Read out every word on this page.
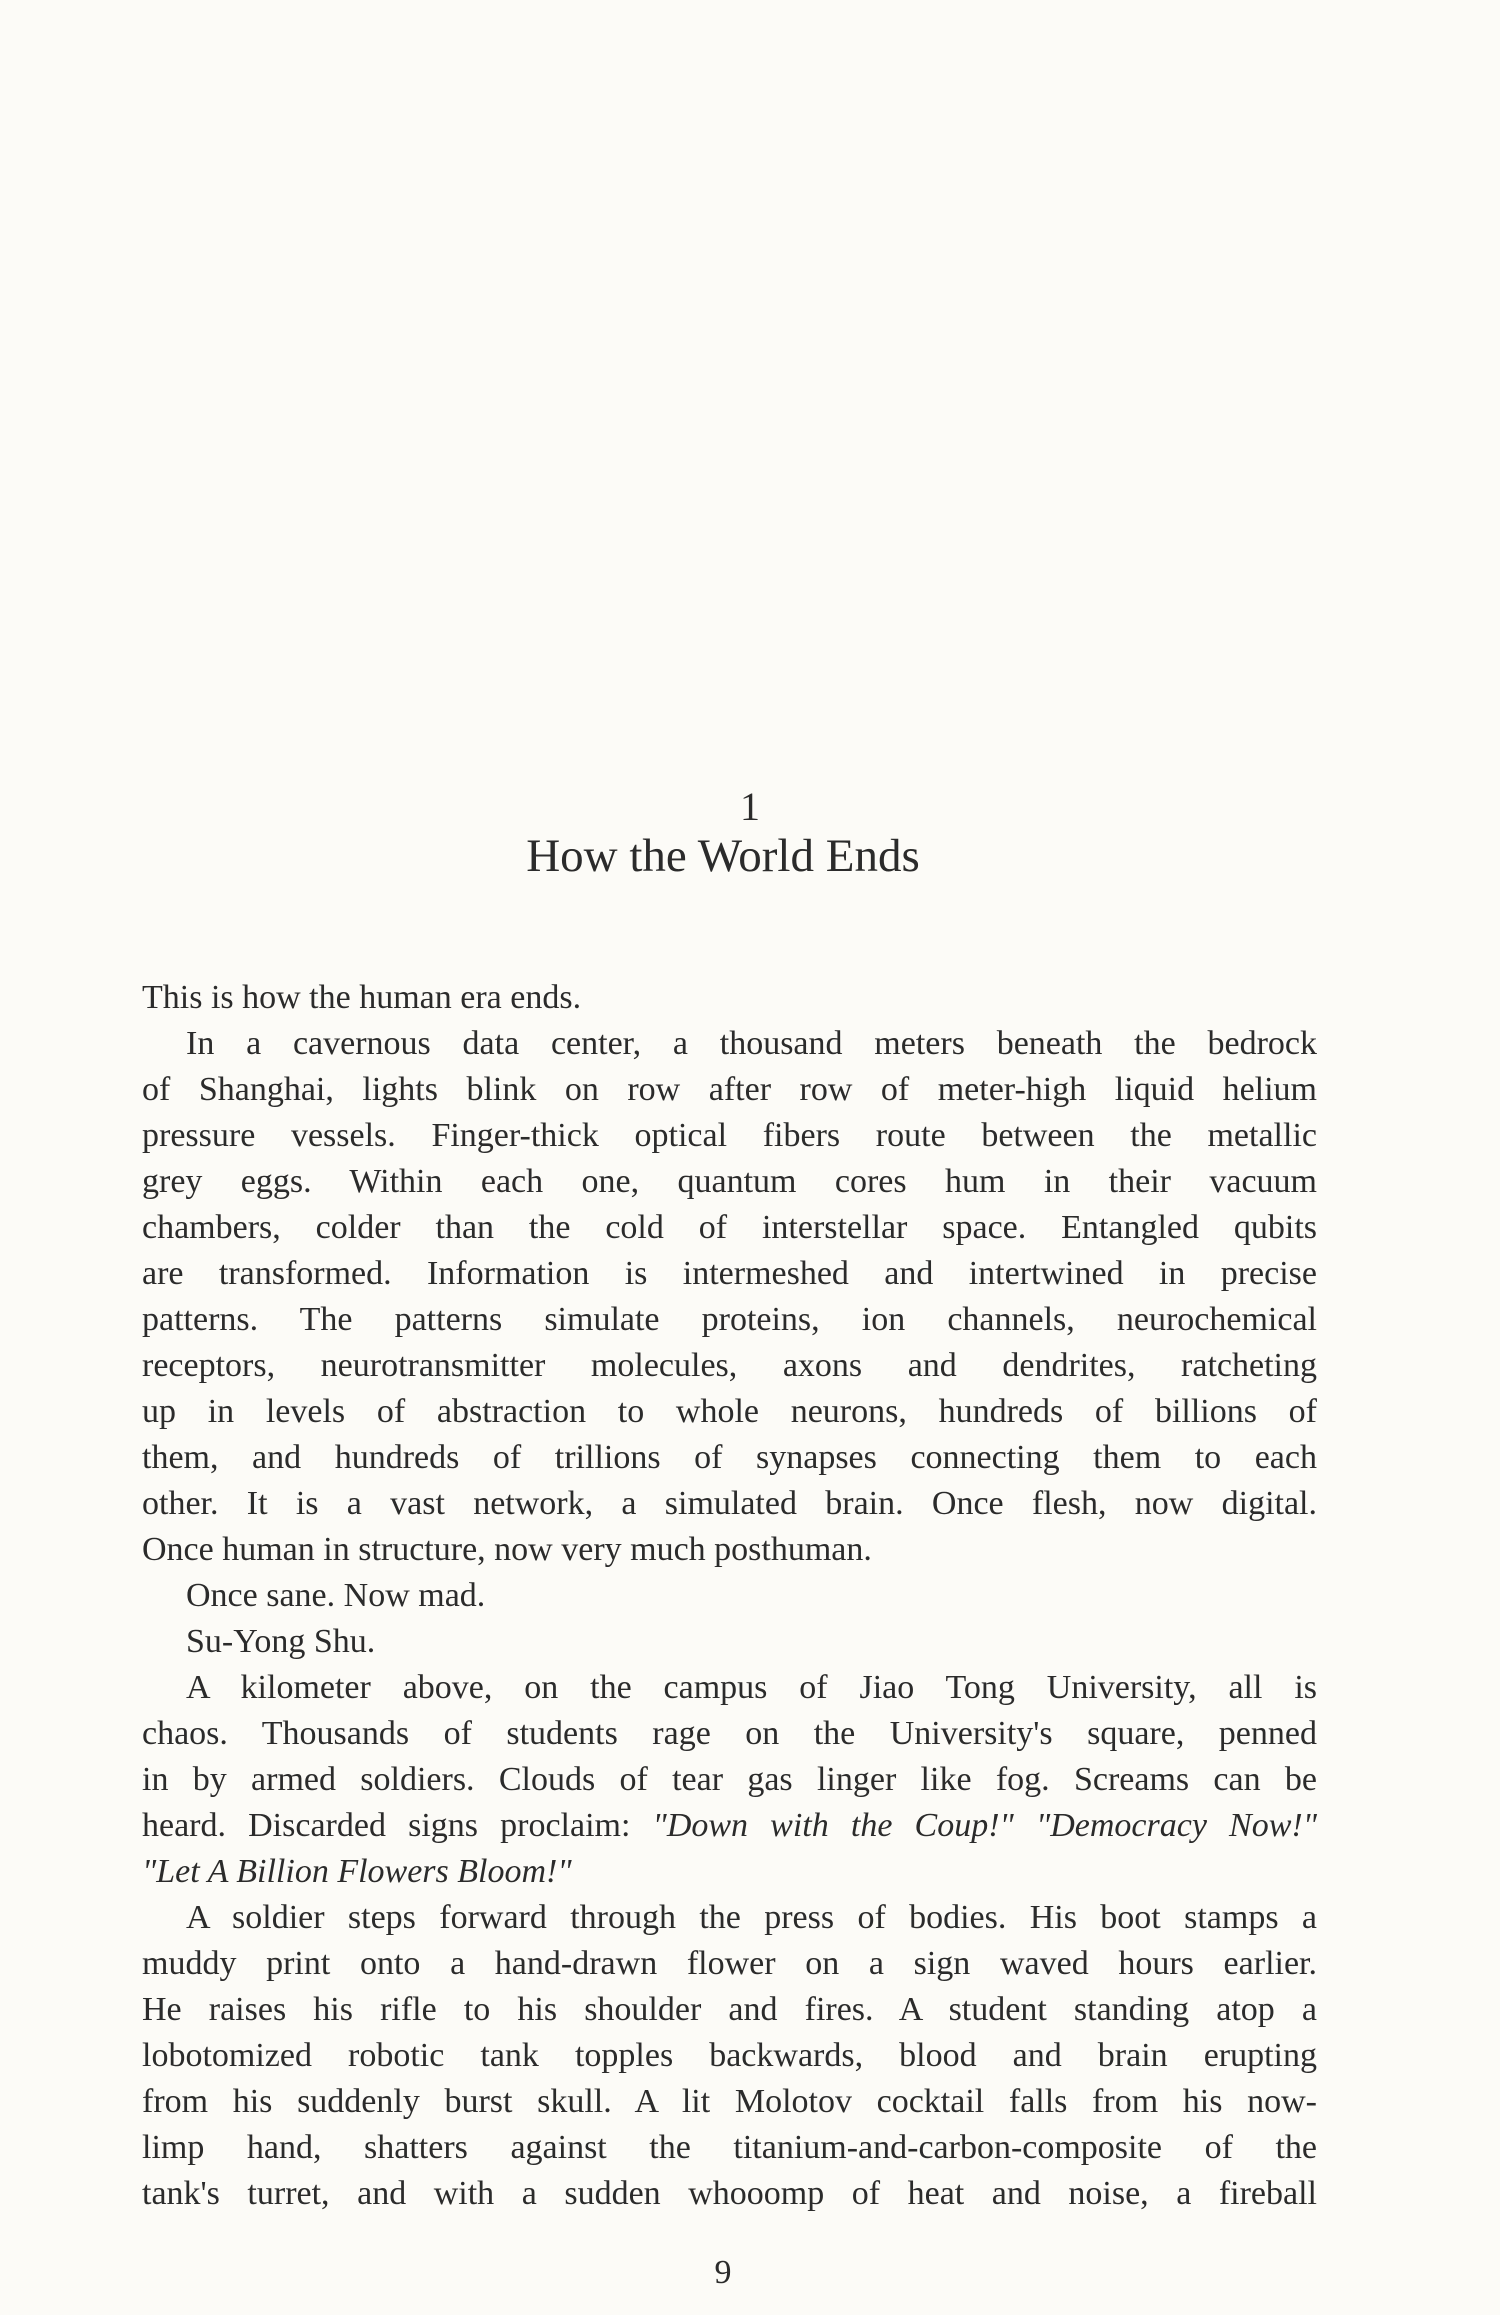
1
How the World Ends
This is how the human era ends.
In a cavernous data center, a thousand meters beneath the bedrock
of Shanghai, lights blink on row after row of meter-high liquid helium
pressure vessels. Finger-thick optical fibers route between the metallic
grey eggs. Within each one, quantum cores hum in their vacuum
chambers, colder than the cold of interstellar space. Entangled qubits
are transformed. Information is intermeshed and intertwined in precise
patterns. The patterns simulate proteins, ion channels, neurochemical
receptors, neurotransmitter molecules, axons and dendrites, ratcheting
up in levels of abstraction to whole neurons, hundreds of billions of
them, and hundreds of trillions of synapses connecting them to each
other. It is a vast network, a simulated brain. Once flesh, now digital.
Once human in structure, now very much posthuman.
Once sane. Now mad.
Su-Yong Shu.
A kilometer above, on the campus of Jiao Tong University, all is
chaos. Thousands of students rage on the University's square, penned
in by armed soldiers. Clouds of tear gas linger like fog. Screams can be
heard. Discarded signs proclaim: "Down with the Coup!" "Democracy Now!"
"Let A Billion Flowers Bloom!"
A soldier steps forward through the press of bodies. His boot stamps a
muddy print onto a hand-drawn flower on a sign waved hours earlier.
He raises his rifle to his shoulder and fires. A student standing atop a
lobotomized robotic tank topples backwards, blood and brain erupting
from his suddenly burst skull. A lit Molotov cocktail falls from his now-
limp hand, shatters against the titanium-and-carbon-composite of the
tank's turret, and with a sudden whooomp of heat and noise, a fireball
9
